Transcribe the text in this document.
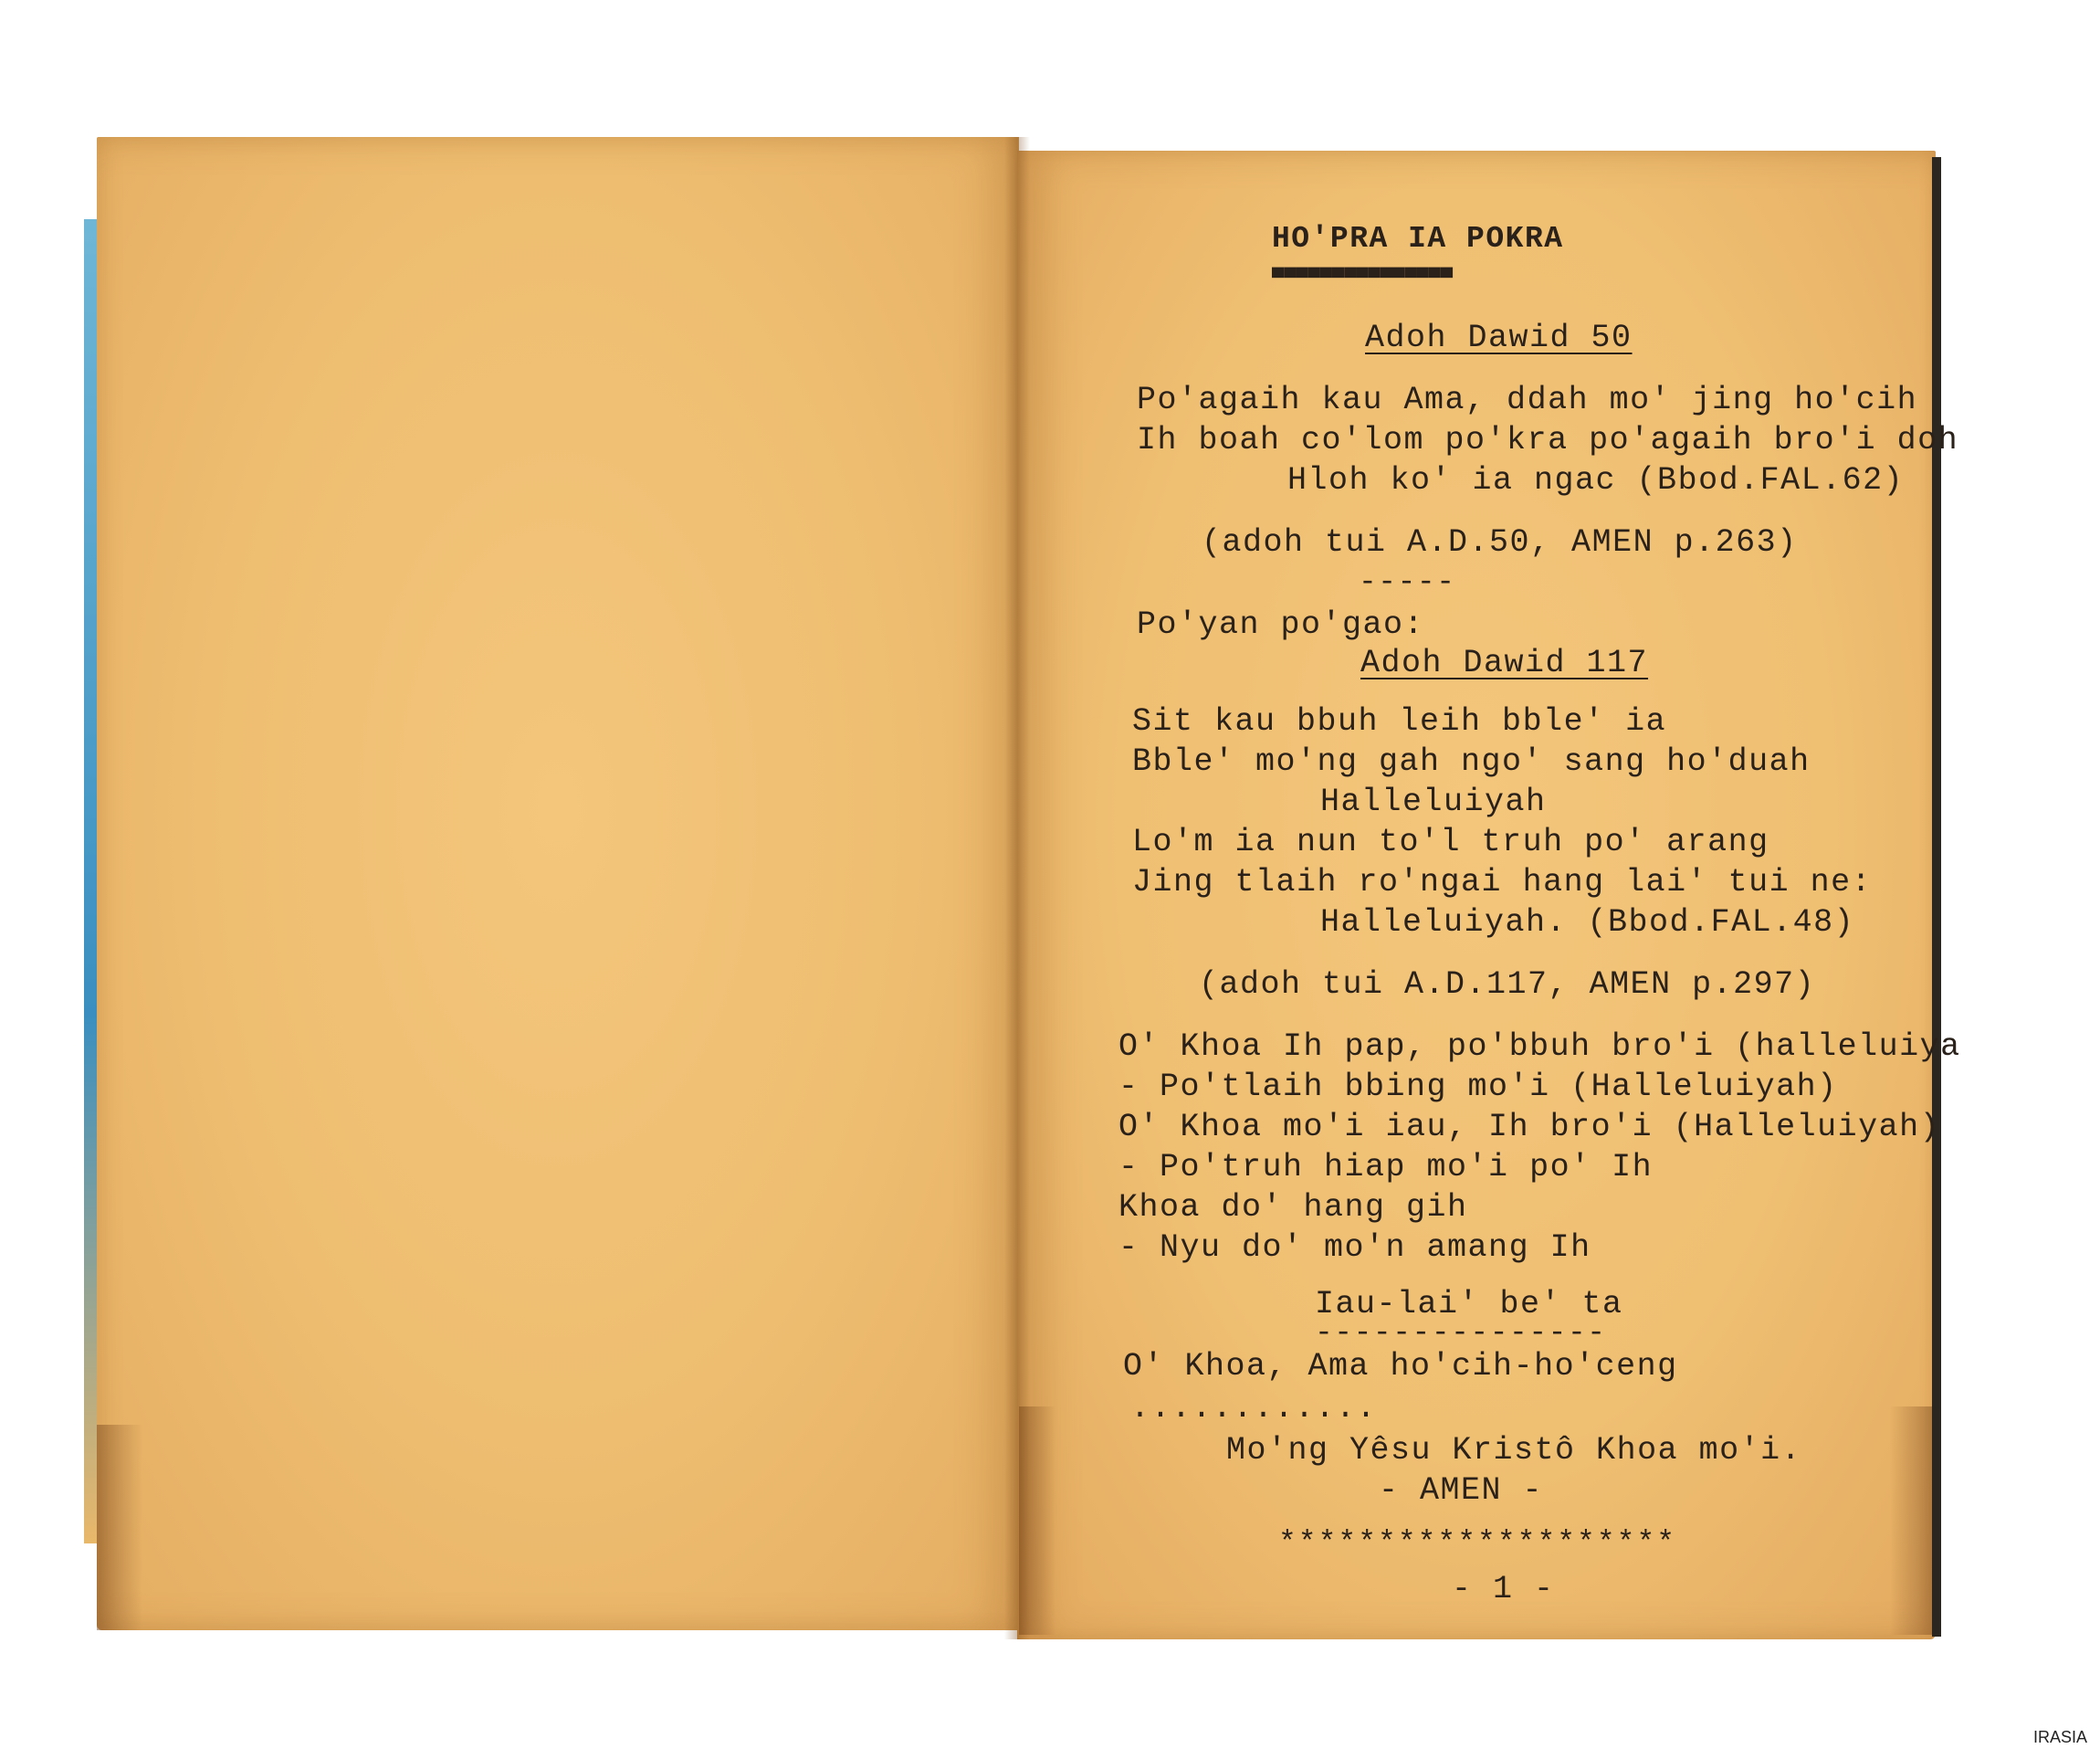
HO'PRA IA POKRA
▀▀▀▀▀▀▀▀▀▀▀▀▀▀▀
Adoh Dawid 50
Po'agaih kau Ama, ddah mo' jing ho'cih
Ih boah co'lom po'kra po'agaih bro'i doh
Hloh ko' ia ngac (Bbod.FAL.62)
(adoh tui A.D.50, AMEN p.263)
-----
Po'yan po'gao:
Adoh Dawid 117
Sit kau bbuh leih bble' ia
Bble' mo'ng gah ngo' sang ho'duah
Halleluiyah
Lo'm ia nun to'l truh po' arang
Jing tlaih ro'ngai hang lai' tui ne:
Halleluiyah. (Bbod.FAL.48)
(adoh tui A.D.117, AMEN p.297)
O' Khoa Ih pap, po'bbuh bro'i (halleluiya
- Po'tlaih bbing mo'i (Halleluiyah)
O' Khoa mo'i iau, Ih bro'i (Halleluiyah)
- Po'truh hiap mo'i po' Ih
Khoa do' hang gih
- Nyu do' mo'n amang Ih
Iau-lai' be' ta
---------------
O' Khoa, Ama ho'cih-ho'ceng
............
Mo'ng Yêsu Kristô Khoa mo'i.
- AMEN -
********************
- 1 -
IRASIA
